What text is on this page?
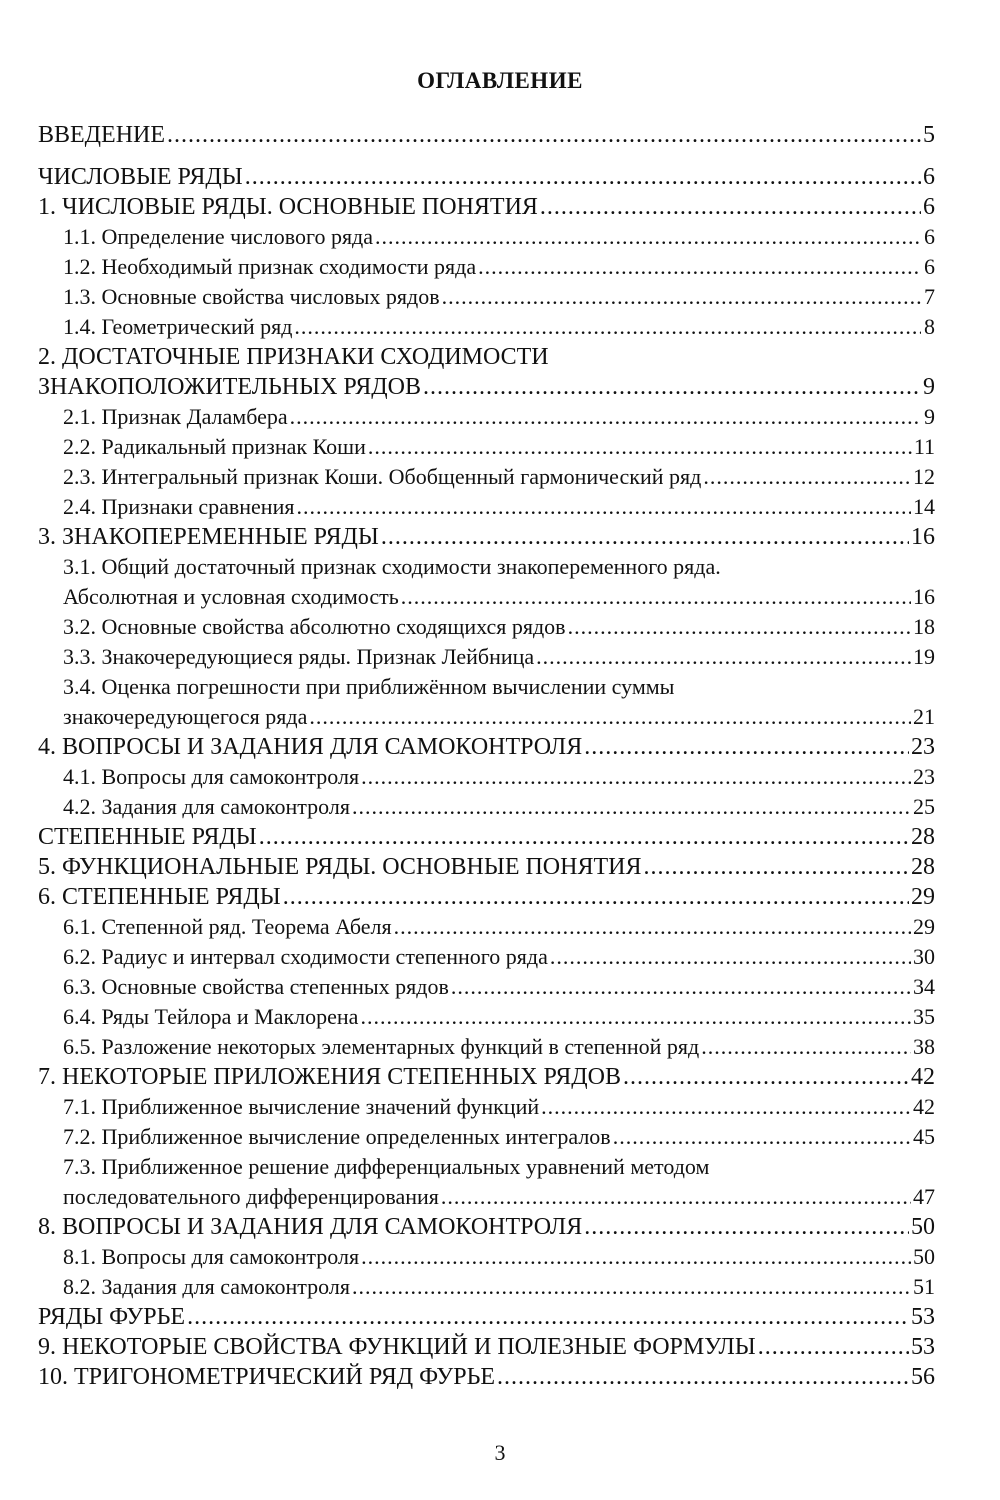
ОГЛАВЛЕНИЕ
ВВЕДЕНИЕ .....	5
ЧИСЛОВЫЕ РЯДЫ .....	6
1. ЧИСЛОВЫЕ РЯДЫ. ОСНОВНЫЕ ПОНЯТИЯ .....	6
1.1. Определение числового ряда .....	6
1.2. Необходимый признак сходимости ряда .....	6
1.3. Основные свойства числовых рядов .....	7
1.4. Геометрический ряд .....	8
2. ДОСТАТОЧНЫЕ ПРИЗНАКИ СХОДИМОСТИ
ЗНАКОПОЛОЖИТЕЛЬНЫХ РЯДОВ .....	9
2.1. Признак Даламбера .....	9
2.2. Радикальный признак Коши .....	11
2.3. Интегральный признак Коши. Обобщенный гармонический ряд .....	12
2.4. Признаки сравнения .....	14
3. ЗНАКОПЕРЕМЕННЫЕ РЯДЫ .....	16
3.1. Общий достаточный признак сходимости знакопеременного ряда.
Абсолютная и условная сходимость .....	16
3.2. Основные свойства абсолютно сходящихся рядов .....	18
3.3. Знакочередующиеся ряды. Признак Лейбница .....	19
3.4. Оценка погрешности при приближённом вычислении суммы
знакочередующегося ряда .....	21
4. ВОПРОСЫ И ЗАДАНИЯ ДЛЯ САМОКОНТРОЛЯ .....	23
4.1. Вопросы для самоконтроля .....	23
4.2. Задания для самоконтроля .....	25
СТЕПЕННЫЕ РЯДЫ .....	28
5. ФУНКЦИОНАЛЬНЫЕ РЯДЫ. ОСНОВНЫЕ ПОНЯТИЯ .....	28
6. СТЕПЕННЫЕ РЯДЫ .....	29
6.1. Степенной ряд. Теорема Абеля .....	29
6.2. Радиус и интервал сходимости степенного ряда .....	30
6.3. Основные свойства степенных рядов .....	34
6.4. Ряды Тейлора и Маклорена .....	35
6.5. Разложение некоторых элементарных функций в степенной ряд .....	38
7. НЕКОТОРЫЕ ПРИЛОЖЕНИЯ СТЕПЕННЫХ РЯДОВ .....	42
7.1. Приближенное вычисление значений функций .....	42
7.2. Приближенное вычисление определенных интегралов .....	45
7.3. Приближенное решение дифференциальных уравнений методом
последовательного дифференцирования .....	47
8. ВОПРОСЫ И ЗАДАНИЯ ДЛЯ САМОКОНТРОЛЯ .....	50
8.1. Вопросы для самоконтроля .....	50
8.2. Задания для самоконтроля .....	51
РЯДЫ ФУРЬЕ .....	53
9. НЕКОТОРЫЕ СВОЙСТВА ФУНКЦИЙ И ПОЛЕЗНЫЕ ФОРМУЛЫ .....	53
10. ТРИГОНОМЕТРИЧЕСКИЙ РЯД ФУРЬЕ .....	56
3
